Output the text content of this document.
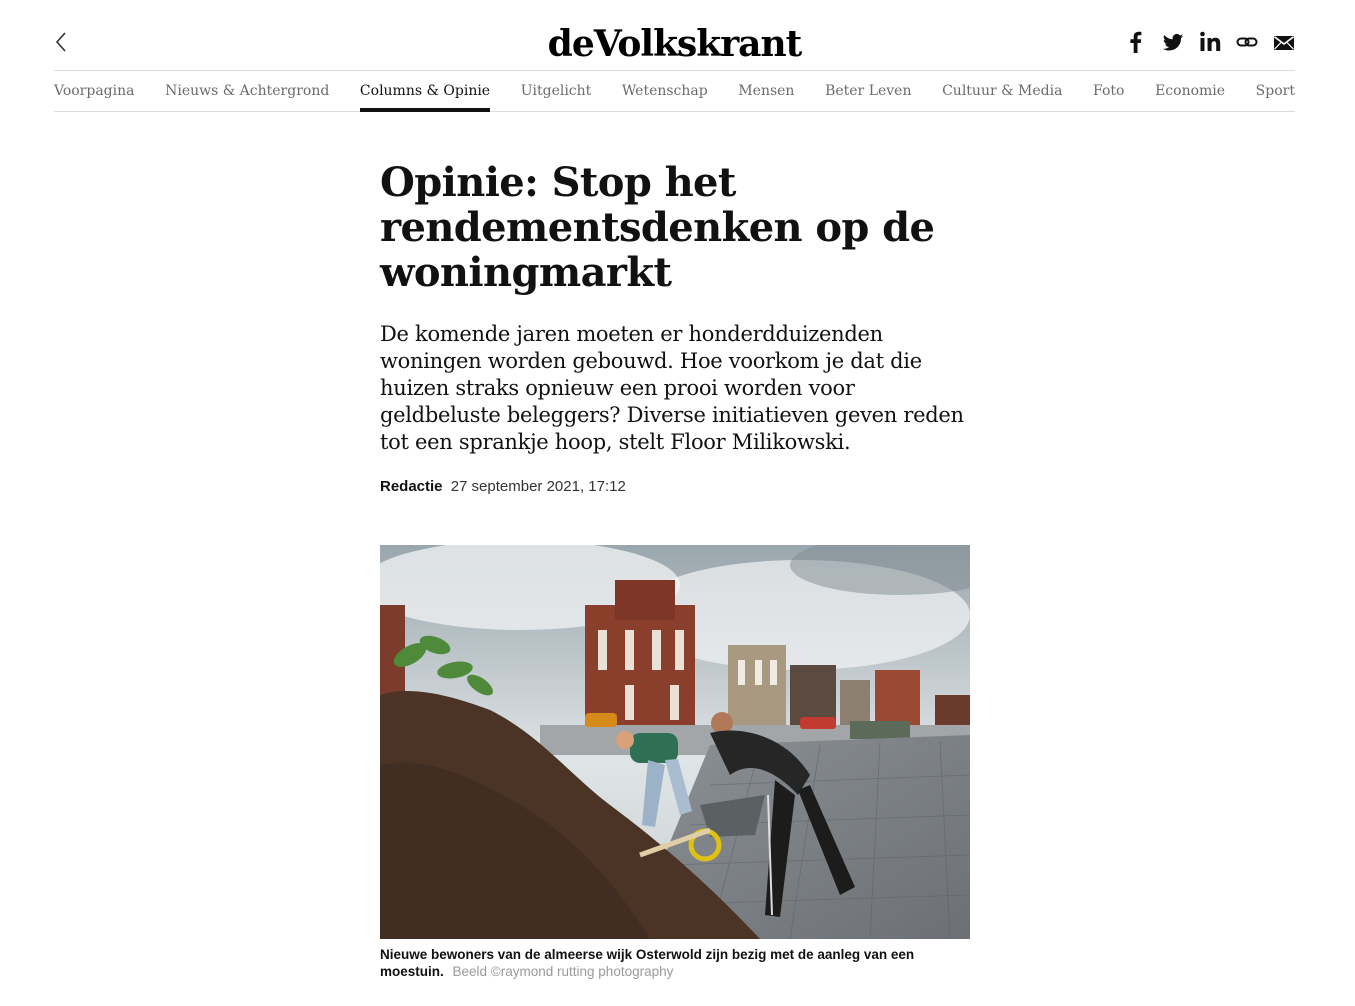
deVolkskrant
Voorpagina Nieuws & Achtergrond Columns & Opinie Uitgelicht Wetenschap Mensen Beter Leven Cultuur & Media Foto Economie Sport
Opinie: Stop het rendementsdenken op de woningmarkt

De komende jaren moeten er honderdduizenden woningen worden gebouwd. Hoe voorkom je dat die huizen straks opnieuw een prooi worden voor geldbeluste beleggers? Diverse initiatieven geven reden tot een sprankje hoop, stelt Floor Milikowski.

Redactie 27 september 2021, 17:12
Nieuwe bewoners van de almeerse wijk Osterwold zijn bezig met de aanleg van een moestuin. Beeld ©raymond rutting photography
